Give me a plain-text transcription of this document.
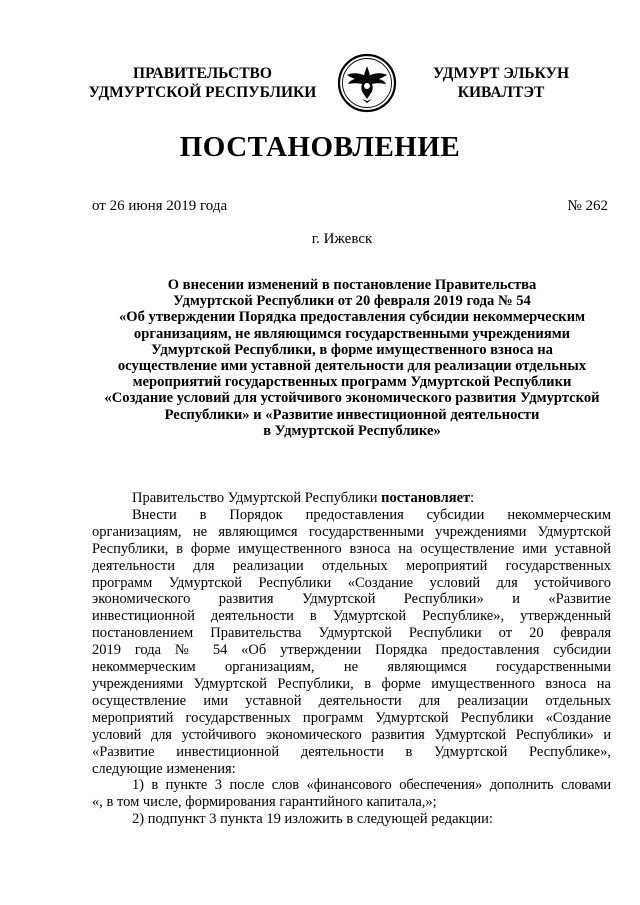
ПРАВИТЕЛЬСТВО
УДМУРТСКОЙ РЕСПУБЛИКИ
УДМУРТ ЭЛЬКУН
КИВАЛТЭТ
ПОСТАНОВЛЕНИЕ
от 26 июня 2019 года	№ 262
г. Ижевск
О внесении изменений в постановление Правительства
Удмуртской Республики от 20 февраля 2019 года № 54
«Об утверждении Порядка предоставления субсидии некоммерческим
организациям, не являющимся государственными учреждениями
Удмуртской Республики, в форме имущественного взноса на
осуществление ими уставной деятельности для реализации отдельных
мероприятий государственных программ Удмуртской Республики
«Создание условий для устойчивого экономического развития Удмуртской
Республики» и «Развитие инвестиционной деятельности
в Удмуртской Республике»

Правительство Удмуртской Республики постановляет:

Внести в Порядок предоставления субсидии некоммерческим

организациям, не являющимся государственными учреждениями Удмуртской

Республики, в форме имущественного взноса на осуществление ими уставной

деятельности для реализации отдельных мероприятий государственных

программ Удмуртской Республики «Создание условий для устойчивого

экономического развития Удмуртской Республики» и «Развитие

инвестиционной деятельности в Удмуртской Республике», утвержденный

постановлением Правительства Удмуртской Республики от 20 февраля

2019 года № 54 «Об утверждении Порядка предоставления субсидии

некоммерческим организациям, не являющимся государственными

учреждениями Удмуртской Республики, в форме имущественного взноса на

осуществление ими уставной деятельности для реализации отдельных

мероприятий государственных программ Удмуртской Республики «Создание

условий для устойчивого экономического развития Удмуртской Республики» и

«Развитие инвестиционной деятельности в Удмуртской Республике»,

следующие изменения:

1) в пункте 3 после слов «финансового обеспечения» дополнить словами

«, в том числе, формирования гарантийного капитала,»;

2) подпункт 3 пункта 19 изложить в следующей редакции:
